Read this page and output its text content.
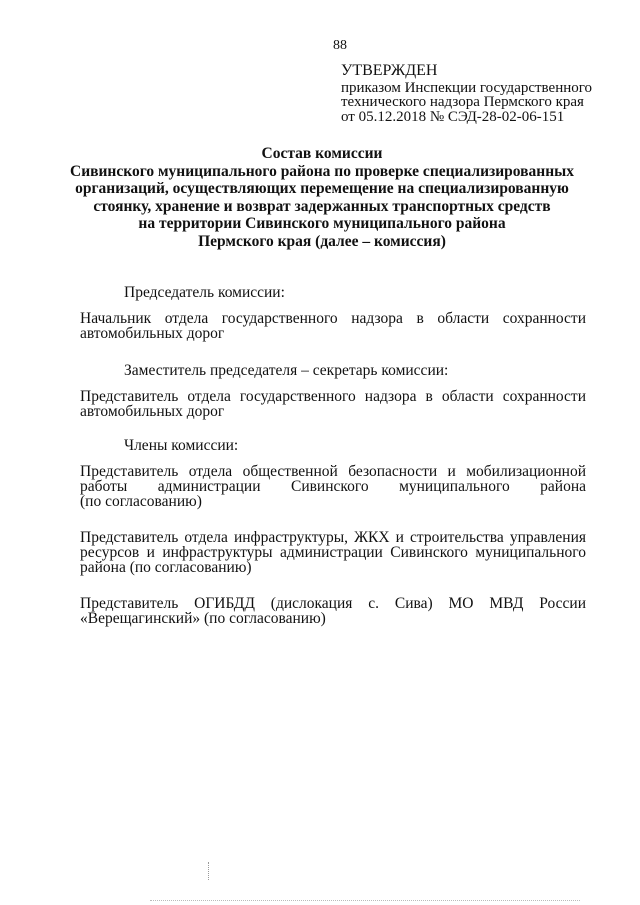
88
УТВЕРЖДЕН
приказом Инспекции государственного
технического надзора Пермского края
от 05.12.2018 № СЭД-28-02-06-151
Состав комиссии
Сивинского муниципального района по проверке специализированных
организаций, осуществляющих перемещение на специализированную
стоянку, хранение и возврат задержанных транспортных средств
на территории Сивинского муниципального района
Пермского края (далее – комиссия)
Председатель комиссии:
Начальник отдела государственного надзора в области сохранности
автомобильных дорог
Заместитель председателя – секретарь комиссии:
Представитель отдела государственного надзора в области сохранности
автомобильных дорог
Члены комиссии:
Представитель отдела общественной безопасности и мобилизационной
работы администрации Сивинского муниципального района
(по согласованию)
Представитель отдела инфраструктуры, ЖКХ и строительства управления
ресурсов и инфраструктуры администрации Сивинского муниципального
района (по согласованию)
Представитель ОГИБДД (дислокация с. Сива) МО МВД России
«Верещагинский» (по согласованию)
